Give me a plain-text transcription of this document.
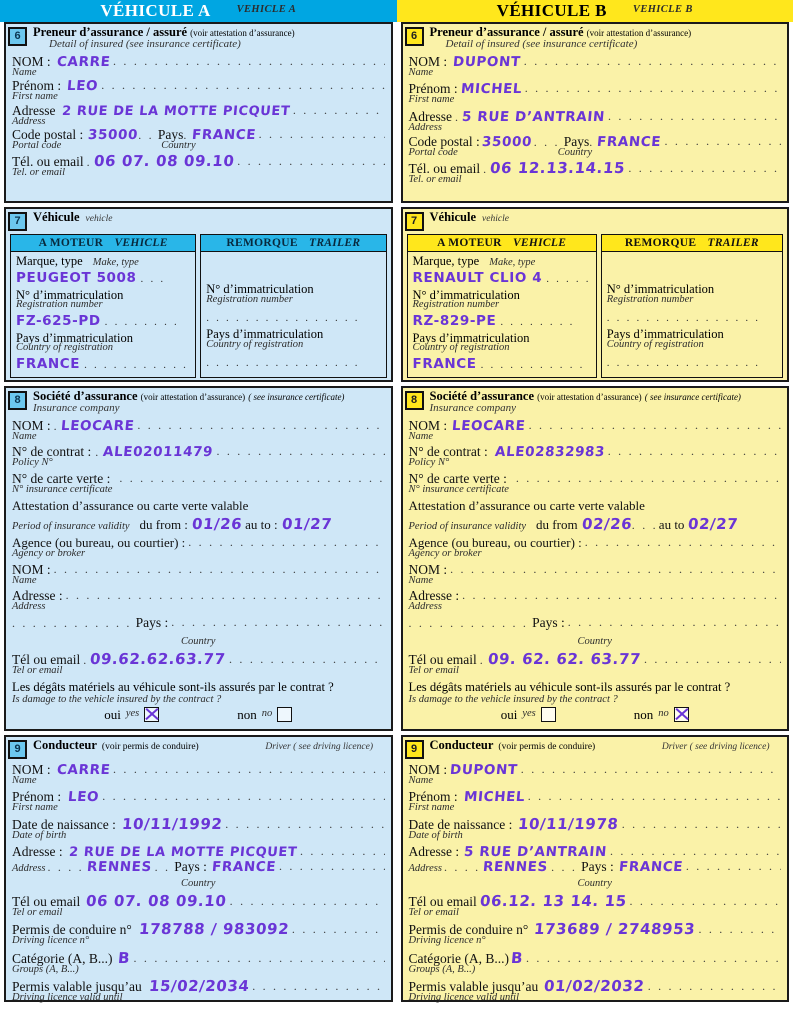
VÉHICULE A VEHICLE A
6 Preneur d’assurance / assuré (voir attestation d’assurance)
Detail of insured (see insurance certificate)
NOM : CARRE
. . .
Name
Prénom : LEO
. . .
First name
Adresse 2 RUE DE LA MOTTE PICQUET
. . .
Address
Code postal : 35000 . . Pays . FRANCE
. . .
Portal code	Country
Tél. ou email . 06 07. 08 09.10
. . .
Tel. or email
7 Véhicule vehicle
A MOTEUR VEHICLE
Marque, type Make, type
PEUGEOT 5008 . . .
N° d’immatriculation
Registration number
FZ-625-PD . . . . . . . .
Pays d’immatriculation
Country of registration
FRANCE . . . . . . . . . . .
REMORQUE TRAILER
N° d’immatriculation
Registration number
. . . . . . . . . . . . . . . .
Pays d’immatriculation
Country of registration
. . . . . . . . . . . . . . . .
8 Société d’assurance (voir attestation d’assurance) ( see insurance certificate)
Insurance company
NOM : . LEOCARE
. . .
Name
N° de contrat : . ALE02011479
. . .
Policy N°
N° de carte verte :
. . .
N° insurance certificate
Attestation d’assurance ou carte verte valable
Period of insurance validity du from : 01/26 au to : 01/27
Agence (ou bureau, ou courtier) :
. . .
Agency or broker
NOM :
. . .
Name
Adresse :
. . .
Address
. . . . . . . . . . . . Pays :
. . .
Country
Tél ou email . 09.62.62.63.77
. . .
Tel or email
Les dégâts matériels au véhicule sont-ils assurés par le contrat ?
Is damage to the vehicle insured by the contract ?
oui yes	non no
9 Conducteur (voir permis de conduire)	Driver ( see driving licence)
NOM : CARRE
. . .
Name
Prénom : LEO
. . .
First name
Date de naissance : 10/11/1992
. . .
Date of birth
Adresse : 2 RUE DE LA MOTTE PICQUET
. . .
Address . . . . RENNES . . Pays : FRANCE
. . .
Country
Tél ou email 06 07. 08 09.10
. . .
Tel or email
Permis de conduire n° 178788 / 983092
. . .
Driving licence n°
Catégorie (A, B...) B
. . .
Groups (A, B...)
Permis valable jusqu’au 15/02/2034
. . .
Driving licence valid until
VÉHICULE B VEHICLE B
6 Preneur d’assurance / assuré (voir attestation d’assurance)
Detail of insured (see insurance certificate)
NOM : DUPONT
. . .
Name
Prénom : MICHEL
. . .
First name
Adresse . 5 RUE D’ANTRAIN
. . .
Address
Code postal : 35000 . . . Pays . FRANCE
. . .
Portal code	Country
Tél. ou email . 06 12.13.14.15
. . .
Tel. or email
7 Véhicule vehicle
A MOTEUR VEHICLE
Marque, type Make, type
RENAULT CLIO 4 . . . . .
N° d’immatriculation
Registration number
RZ-829-PE . . . . . . . .
Pays d’immatriculation
Country of registration
FRANCE . . . . . . . . . . .
REMORQUE TRAILER
N° d’immatriculation
Registration number
. . . . . . . . . . . . . . . .
Pays d’immatriculation
Country of registration
. . . . . . . . . . . . . . . .
8 Société d’assurance (voir attestation d’assurance) ( see insurance certificate)
Insurance company
NOM : LEOCARE
. . .
Name
N° de contrat : ALE02832983
. . .
Policy N°
N° de carte verte :
. . .
N° insurance certificate
Attestation d’assurance ou carte verte valable
Period of insurance validity du from 02/26 . . . au to 02/27
Agence (ou bureau, ou courtier) :
. . .
Agency or broker
NOM :
. . .
Name
Adresse :
. . .
Address
. . . . . . . . . . . . Pays :
. . .
Country
Tél ou email . 09. 62. 62. 63.77
. . .
Tel or email
Les dégâts matériels au véhicule sont-ils assurés par le contrat ?
Is damage to the vehicle insured by the contract ?
oui yes	non no
9 Conducteur (voir permis de conduire)	Driver ( see driving licence)
NOM : DUPONT
. . .
Name
Prénom : MICHEL
. . .
First name
Date de naissance : 10/11/1978
. . .
Date of birth
Adresse : 5 RUE D’ANTRAIN
. . .
Address . . . . RENNES . . . Pays : FRANCE
. . .
Country
Tél ou email 06.12. 13 14. 15
. . .
Tel or email
Permis de conduire n° 173689 / 2748953
. . .
Driving licence n°
Catégorie (A, B...) B
. . .
Groups (A, B...)
Permis valable jusqu’au 01/02/2032
. . .
Driving licence valid until
